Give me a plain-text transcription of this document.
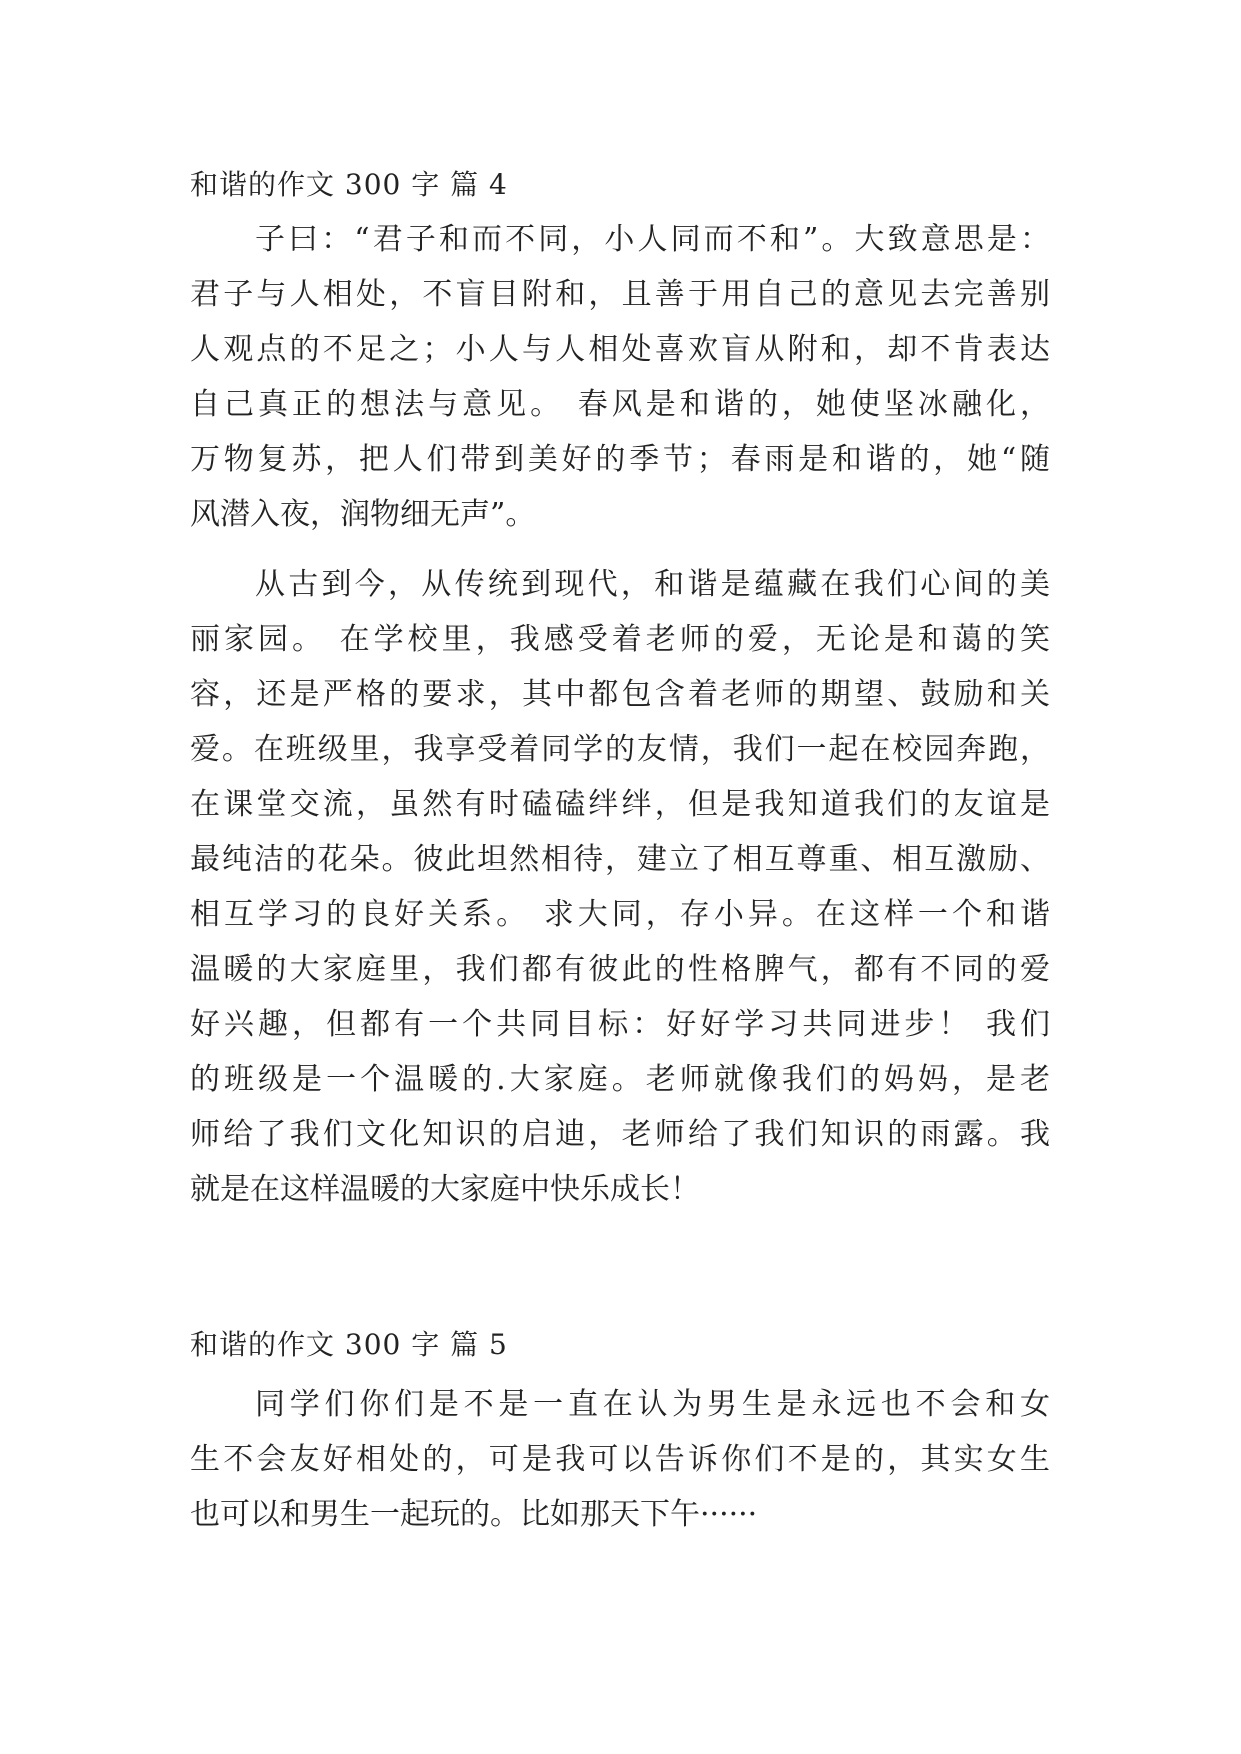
和谐的作文 300 字 篇 4
子曰：“君子和而不同，小人同而不和”。大致意思是：
君子与人相处，不盲目附和，且善于用自己的意见去完善别
人观点的不足之；小人与人相处喜欢盲从附和，却不肯表达
自己真正的想法与意见。 春风是和谐的，她使坚冰融化，
万物复苏，把人们带到美好的季节；春雨是和谐的，她“随
风潜入夜，润物细无声”。
从古到今，从传统到现代，和谐是蕴藏在我们心间的美
丽家园。 在学校里，我感受着老师的爱，无论是和蔼的笑
容，还是严格的要求，其中都包含着老师的期望、鼓励和关
爱。在班级里，我享受着同学的友情，我们一起在校园奔跑，
在课堂交流，虽然有时磕磕绊绊，但是我知道我们的友谊是
最纯洁的花朵。彼此坦然相待，建立了相互尊重、相互激励、
相互学习的良好关系。 求大同，存小异。在这样一个和谐
温暖的大家庭里，我们都有彼此的性格脾气，都有不同的爱
好兴趣，但都有一个共同目标：好好学习共同进步！ 我们
的班级是一个温暖的.大家庭。老师就像我们的妈妈，是老
师给了我们文化知识的启迪，老师给了我们知识的雨露。我
就是在这样温暖的大家庭中快乐成长！
和谐的作文 300 字 篇 5
同学们你们是不是一直在认为男生是永远也不会和女
生不会友好相处的，可是我可以告诉你们不是的，其实女生
也可以和男生一起玩的。比如那天下午······
